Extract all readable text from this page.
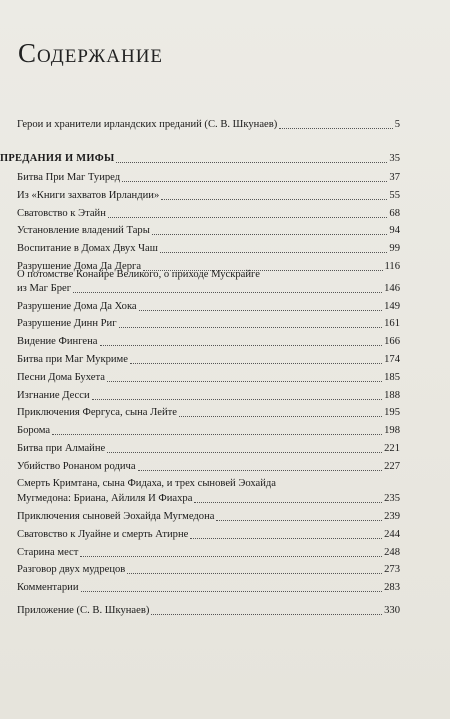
Содержание
Герои и хранители ирландских преданий (С. В. Шкунаев)	5
ПРЕДАНИЯ И МИФЫ	35
Битва При Маг Туиред	37
Из «Книги захватов Ирландии»	55
Сватовство к Этайн	68
Установление владений Тары	94
Воспитание в Домах Двух Чаш	99
Разрушение Дома Да Дерга	116
О потомстве Конайре Великого, о приходе Мускрайге
из Маг Брег	146
Разрушение Дома Да Хока	149
Разрушение Динн Риг	161
Видение Фингена	166
Битва при Маг Мукриме	174
Песни Дома Бухета	185
Изгнание Десси	188
Приключения Фергуса, сына Лейте	195
Борома	198
Битва при Алмайне	221
Убийство Ронаном родича	227
Смерть Кримтана, сына Фидаха, и трех сыновей Эохайда
Мугмедона: Бриана, Айлиля И Фиахра	235
Приключения сыновей Эохайда Мугмедона	239
Сватовство к Луайне и смерть Атирне	244
Старина мест	248
Разговор двух мудрецов	273
Комментарии	283
Приложение (С. В. Шкунаев)	330
